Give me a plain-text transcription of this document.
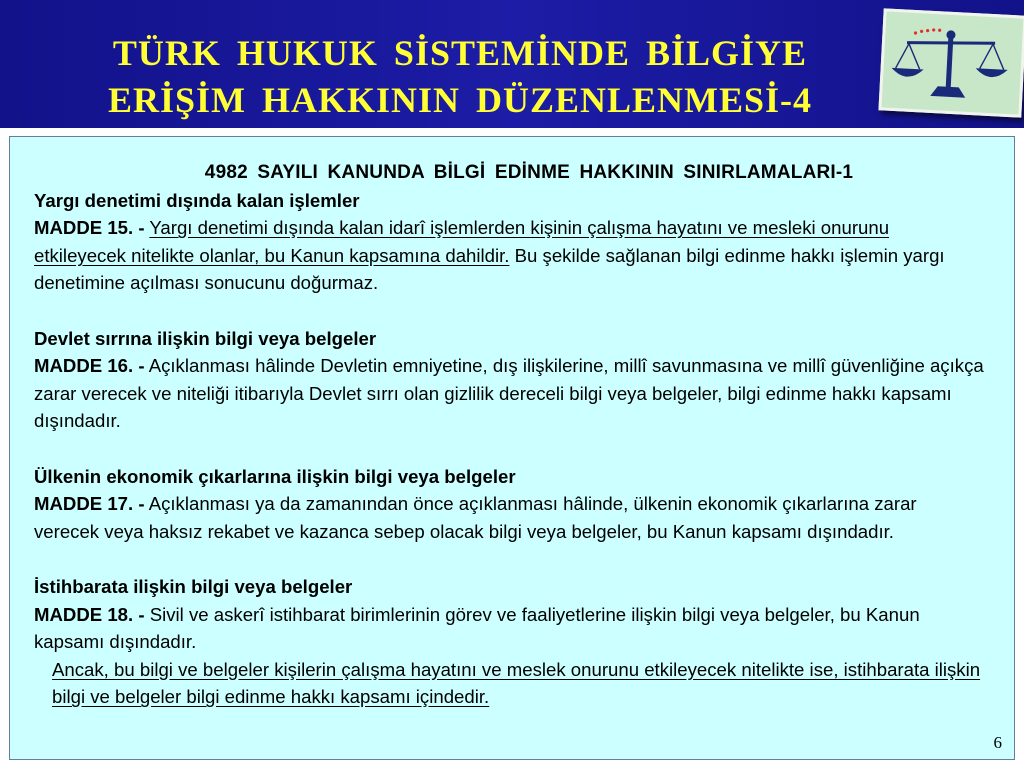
TÜRK HUKUK SİSTEMİNDE BİLGİYE
ERİŞİM HAKKININ DÜZENLENMESİ-4

4982 SAYILI KANUNDA BİLGİ EDİNME HAKKININ SINIRLAMALARI-1

Yargı denetimi dışında kalan işlemler

MADDE 15. - Yargı denetimi dışında kalan idarî işlemlerden kişinin çalışma hayatını ve mesleki onurunu etkileyecek nitelikte olanlar, bu Kanun kapsamına dahildir. Bu şekilde sağlanan bilgi edinme hakkı işlemin yargı denetimine açılması sonucunu doğurmaz.

Devlet sırrına ilişkin bilgi veya belgeler

MADDE 16. - Açıklanması hâlinde Devletin emniyetine, dış ilişkilerine, millî savunmasına ve millî güvenliğine açıkça zarar verecek ve niteliği itibarıyla Devlet sırrı olan gizlilik dereceli bilgi veya belgeler, bilgi edinme hakkı kapsamı dışındadır.

Ülkenin ekonomik çıkarlarına ilişkin bilgi veya belgeler

MADDE 17. - Açıklanması ya da zamanından önce açıklanması hâlinde, ülkenin ekonomik çıkarlarına zarar verecek veya haksız rekabet ve kazanca sebep olacak bilgi veya belgeler, bu Kanun kapsamı dışındadır.

İstihbarata ilişkin bilgi veya belgeler

MADDE 18. - Sivil ve askerî istihbarat birimlerinin görev ve faaliyetlerine ilişkin bilgi veya belgeler, bu Kanun kapsamı dışındadır.

Ancak, bu bilgi ve belgeler kişilerin çalışma hayatını ve meslek onurunu etkileyecek nitelikte ise, istihbarata ilişkin bilgi ve belgeler bilgi edinme hakkı kapsamı içindedir.

6
